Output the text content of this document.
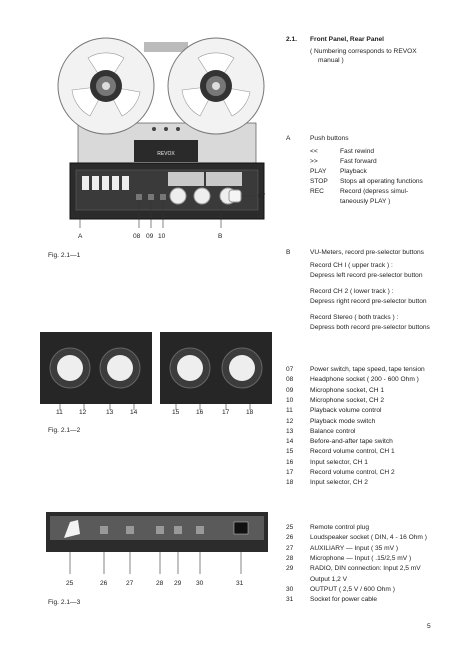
2.1. Front Panel, Rear Panel
( Numbering corresponds to REVOX
manual )
REVOX
A	08 09 10	B
07
Fig. 2.1—1
11 12	13	14	15	16	17	18
Fig. 2.1—2
25	26	27	28 29 30	31
Fig. 2.1—3
A	Push buttons
<<	Fast rewind
>>	Fast forward
PLAY Playback
STOP Stops all operating functions
REC Record (depress simul-
taneously PLAY )
B	VU-Meters, record pre-selector buttons
Record CH I ( upper track ) :
Depress left record pre-selector button
Record CH 2 ( lower track ) :
Depress right record pre-selector button
Record Stereo ( both tracks ) :
Depress both record pre-selector buttons
07	Power switch, tape speed, tape tension
08	Headphone socket ( 200 - 600 Ohm )
09	Microphone socket, CH 1
10	Microphone socket, CH 2
11	Playback volume control
12	Playback mode switch
13	Balance control
14	Before-and-after tape switch
15	Record volume control, CH 1
16	Input selector, CH 1
17	Record volume control, CH 2
18	Input selector, CH 2
25	Remote control plug
26	Loudspeaker socket ( DIN, 4 - 16 Ohm )
27	AUXILIARY — Input ( 35 mV )
28	Microphone — Input ( .15/2,5 mV )
29	RADIO, DIN connection: Input 2,5 mV
Output 1,2 V
30	OUTPUT ( 2,5 V / 600 Ohm )
31	Socket for power cable
5
